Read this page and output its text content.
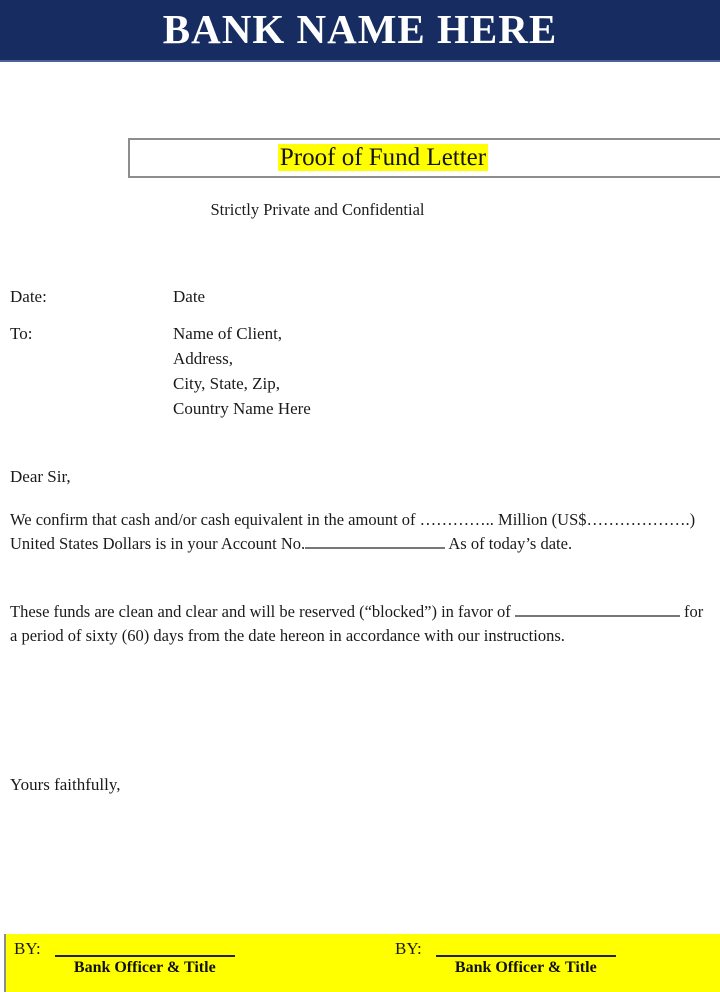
BANK NAME HERE
Proof of Fund Letter
Strictly Private and Confidential
Date:	Date
To:	Name of Client,
Address,
City, State, Zip,
Country Name Here
Dear Sir,
We confirm that cash and/or cash equivalent in the amount of ………….. Million (US$……………….) United States Dollars is in your Account No.	As of today’s date.
These funds are clean and clear and will be reserved (“blocked”) in favor of	for a period of sixty (60) days from the date hereon in accordance with our instructions.
Yours faithfully,
BY:
Bank Officer & Title
BY:
Bank Officer & Title
